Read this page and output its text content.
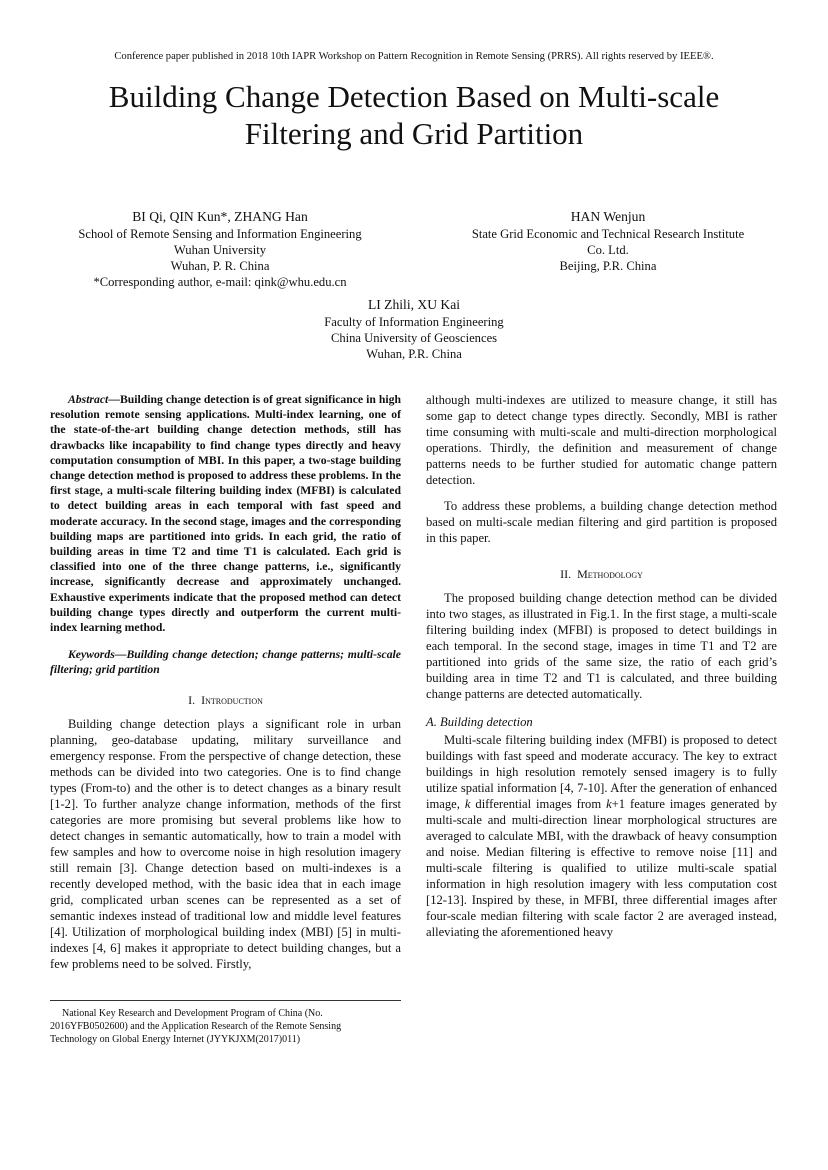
Conference paper published in 2018 10th IAPR Workshop on Pattern Recognition in Remote Sensing (PRRS). All rights reserved by IEEE®.
Building Change Detection Based on Multi-scale
Filtering and Grid Partition
BI Qi, QIN Kun*, ZHANG Han
School of Remote Sensing and Information Engineering
Wuhan University
Wuhan, P. R. China
*Corresponding author, e-mail: qink@whu.edu.cn
HAN Wenjun
State Grid Economic and Technical Research Institute
Co. Ltd.
Beijing, P.R. China
LI Zhili, XU Kai
Faculty of Information Engineering
China University of Geosciences
Wuhan, P.R. China

Abstract—Building change detection is of great significance in high resolution remote sensing applications. Multi-index learning, one of the state-of-the-art building change detection methods, still has drawbacks like incapability to find change types directly and heavy computation consumption of MBI. In this paper, a two-stage building change detection method is proposed to address these problems. In the first stage, a multi-scale filtering building index (MFBI) is calculated to detect building areas in each temporal with fast speed and moderate accuracy. In the second stage, images and the corresponding building maps are partitioned into grids. In each grid, the ratio of building areas in time T2 and time T1 is calculated. Each grid is classified into one of the three change patterns, i.e., significantly increase, significantly decrease and approximately unchanged. Exhaustive experiments indicate that the proposed method can detect building change types directly and outperform the current multi-index learning method.

Keywords—Building change detection; change patterns; multi-scale filtering; grid partition

I. Introduction

Building change detection plays a significant role in urban planning, geo-database updating, military surveillance and emergency response. From the perspective of change detection, these methods can be divided into two categories. One is to find change types (From-to) and the other is to detect changes as a binary result [1-2]. To further analyze change information, methods of the first categories are more promising but several problems like how to detect changes in semantic automatically, how to train a model with few samples and how to overcome noise in high resolution imagery still remain [3]. Change detection based on multi-indexes is a recently developed method, with the basic idea that in each image grid, complicated urban scenes can be represented as a set of semantic indexes instead of traditional low and middle level features [4]. Utilization of morphological building index (MBI) [5] in multi-indexes [4, 6] makes it appropriate to detect building changes, but a few problems need to be solved. Firstly,

although multi-indexes are utilized to measure change, it still has some gap to detect change types directly. Secondly, MBI is rather time consuming with multi-scale and multi-direction morphological operations. Thirdly, the definition and measurement of change patterns needs to be further studied for automatic change pattern detection.

To address these problems, a building change detection method based on multi-scale median filtering and gird partition is proposed in this paper.

II. Methodology

The proposed building change detection method can be divided into two stages, as illustrated in Fig.1. In the first stage, a multi-scale filtering building index (MFBI) is proposed to detect buildings in each temporal. In the second stage, images in time T1 and T2 are partitioned into grids of the same size, the ratio of each grid’s building area in time T2 and T1 is calculated, and three building change patterns are detected automatically.

A. Building detection

Multi-scale filtering building index (MFBI) is proposed to detect buildings with fast speed and moderate accuracy. The key to extract buildings in high resolution remotely sensed imagery is to fully utilize spatial information [4, 7-10]. After the generation of enhanced image, k differential images from k+1 feature images generated by multi-scale and multi-direction linear morphological structures are averaged to calculate MBI, with the drawback of heavy consumption and noise. Median filtering is effective to remove noise [11] and multi-scale filtering is qualified to utilize multi-scale spatial information in high resolution imagery with less computation cost [12-13]. Inspired by these, in MFBI, three differential images after four-scale median filtering with scale factor 2 are averaged instead, alleviating the aforementioned heavy

National Key Research and Development Program of China (No.
2016YFB0502600) and the Application Research of the Remote Sensing
Technology on Global Energy Internet (JYYKJXM(2017)011)
